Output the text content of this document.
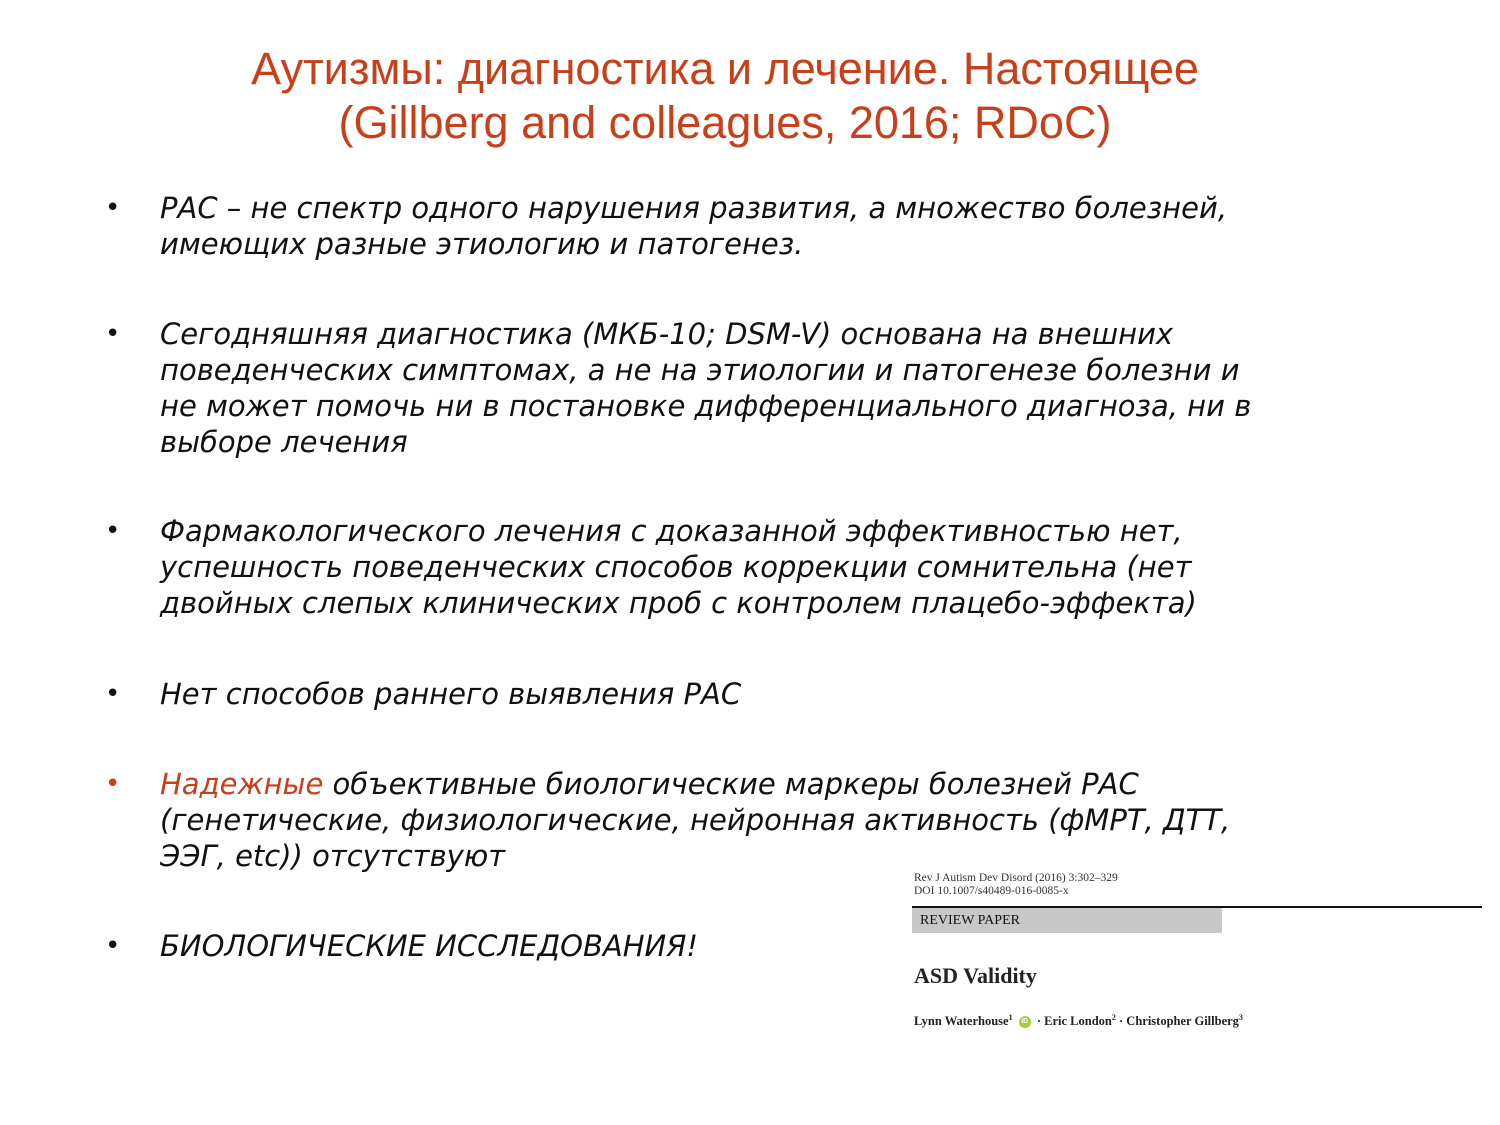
Аутизмы: диагностика и лечение. Настоящее
(Gillberg and colleagues, 2016; RDoC)
• РАС – не спектр одного нарушения развития, а множество болезней,
имеющих разные этиологию и патогенез.
• Сегодняшняя диагностика (МКБ-10; DSM-V) основана на внешних
поведенческих симптомах, а не на этиологии и патогенезе болезни и
не может помочь ни в постановке дифференциального диагноза, ни в
выборе лечения
• Фармакологического лечения с доказанной эффективностью нет,
успешность поведенческих способов коррекции сомнительна (нет
двойных слепых клинических проб с контролем плацебо-эффекта)
• Нет способов раннего выявления РАС
• Надежные объективные биологические маркеры болезней РАС
(генетические, физиологические, нейронная активность (фМРТ, ДТТ,
ЭЭГ, etc)) отсутствуют
• БИОЛОГИЧЕСКИЕ ИССЛЕДОВАНИЯ!
Rev J Autism Dev Disord (2016) 3:302–329
DOI 10.1007/s40489-016-0085-x
REVIEW PAPER
ASD Validity
Lynn Waterhouse$^1$ iD · Eric London$^2$ · Christopher Gillberg$^3$
